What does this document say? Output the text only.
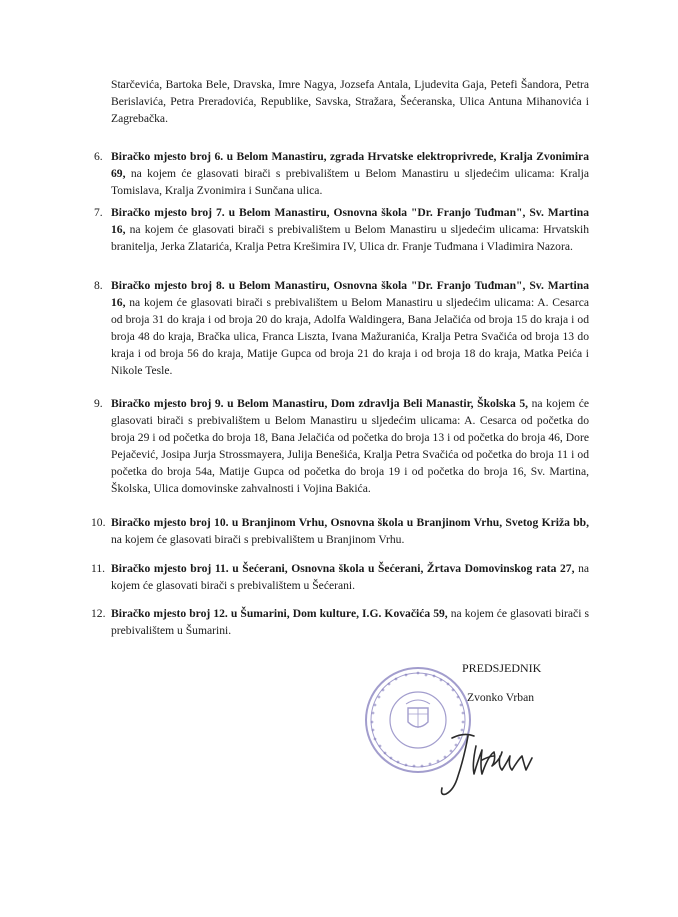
Starčevića, Bartoka Bele, Dravska, Imre Nagya, Jozsefa Antala, Ljudevita Gaja, Petefi Šandora, Petra Berislavića, Petra Preradovića, Republike, Savska, Stražara, Šećeranska, Ulica Antuna Mihanovića i Zagrebačka.

6. Biračko mjesto broj 6. u Belom Manastiru, zgrada Hrvatske elektroprivrede, Kralja Zvonimira 69, na kojem će glasovati birači s prebivalištem u Belom Manastiru u sljedećim ulicama: Kralja Tomislava, Kralja Zvonimira i Sunčana ulica.

7. Biračko mjesto broj 7. u Belom Manastiru, Osnovna škola "Dr. Franjo Tuđman", Sv. Martina 16, na kojem će glasovati birači s prebivalištem u Belom Manastiru u sljedećim ulicama: Hrvatskih branitelja, Jerka Zlatarića, Kralja Petra Krešimira IV, Ulica dr. Franje Tuđmana i Vladimira Nazora.

8. Biračko mjesto broj 8. u Belom Manastiru, Osnovna škola "Dr. Franjo Tuđman", Sv. Martina 16, na kojem će glasovati birači s prebivalištem u Belom Manastiru u sljedećim ulicama: A. Cesarca od broja 31 do kraja i od broja 20 do kraja, Adolfa Waldingera, Bana Jelačića od broja 15 do kraja i od broja 48 do kraja, Bračka ulica, Franca Liszta, Ivana Mažuranića, Kralja Petra Svačića od broja 13 do kraja i od broja 56 do kraja, Matije Gupca od broja 21 do kraja i od broja 18 do kraja, Matka Peića i Nikole Tesle.

9. Biračko mjesto broj 9. u Belom Manastiru, Dom zdravlja Beli Manastir, Školska 5, na kojem će glasovati birači s prebivalištem u Belom Manastiru u sljedećim ulicama: A. Cesarca od početka do broja 29 i od početka do broja 18, Bana Jelačića od početka do broja 13 i od početka do broja 46, Dore Pejačević, Josipa Jurja Strossmayera, Julija Benešića, Kralja Petra Svačića od početka do broja 11 i od početka do broja 54a, Matije Gupca od početka do broja 19 i od početka do broja 16, Sv. Martina, Školska, Ulica domovinske zahvalnosti i Vojina Bakića.

10. Biračko mjesto broj 10. u Branjinom Vrhu, Osnovna škola u Branjinom Vrhu, Svetog Križa bb, na kojem će glasovati birači s prebivalištem u Branjinom Vrhu.

11. Biračko mjesto broj 11. u Šećerani, Osnovna škola u Šećerani, Žrtava Domovinskog rata 27, na kojem će glasovati birači s prebivalištem u Šećerani.

12. Biračko mjesto broj 12. u Šumarini, Dom kulture, I.G. Kovačića 59, na kojem će glasovati birači s prebivalištem u Šumarini.

PREDSJEDNIK
Zvonko Vrban
